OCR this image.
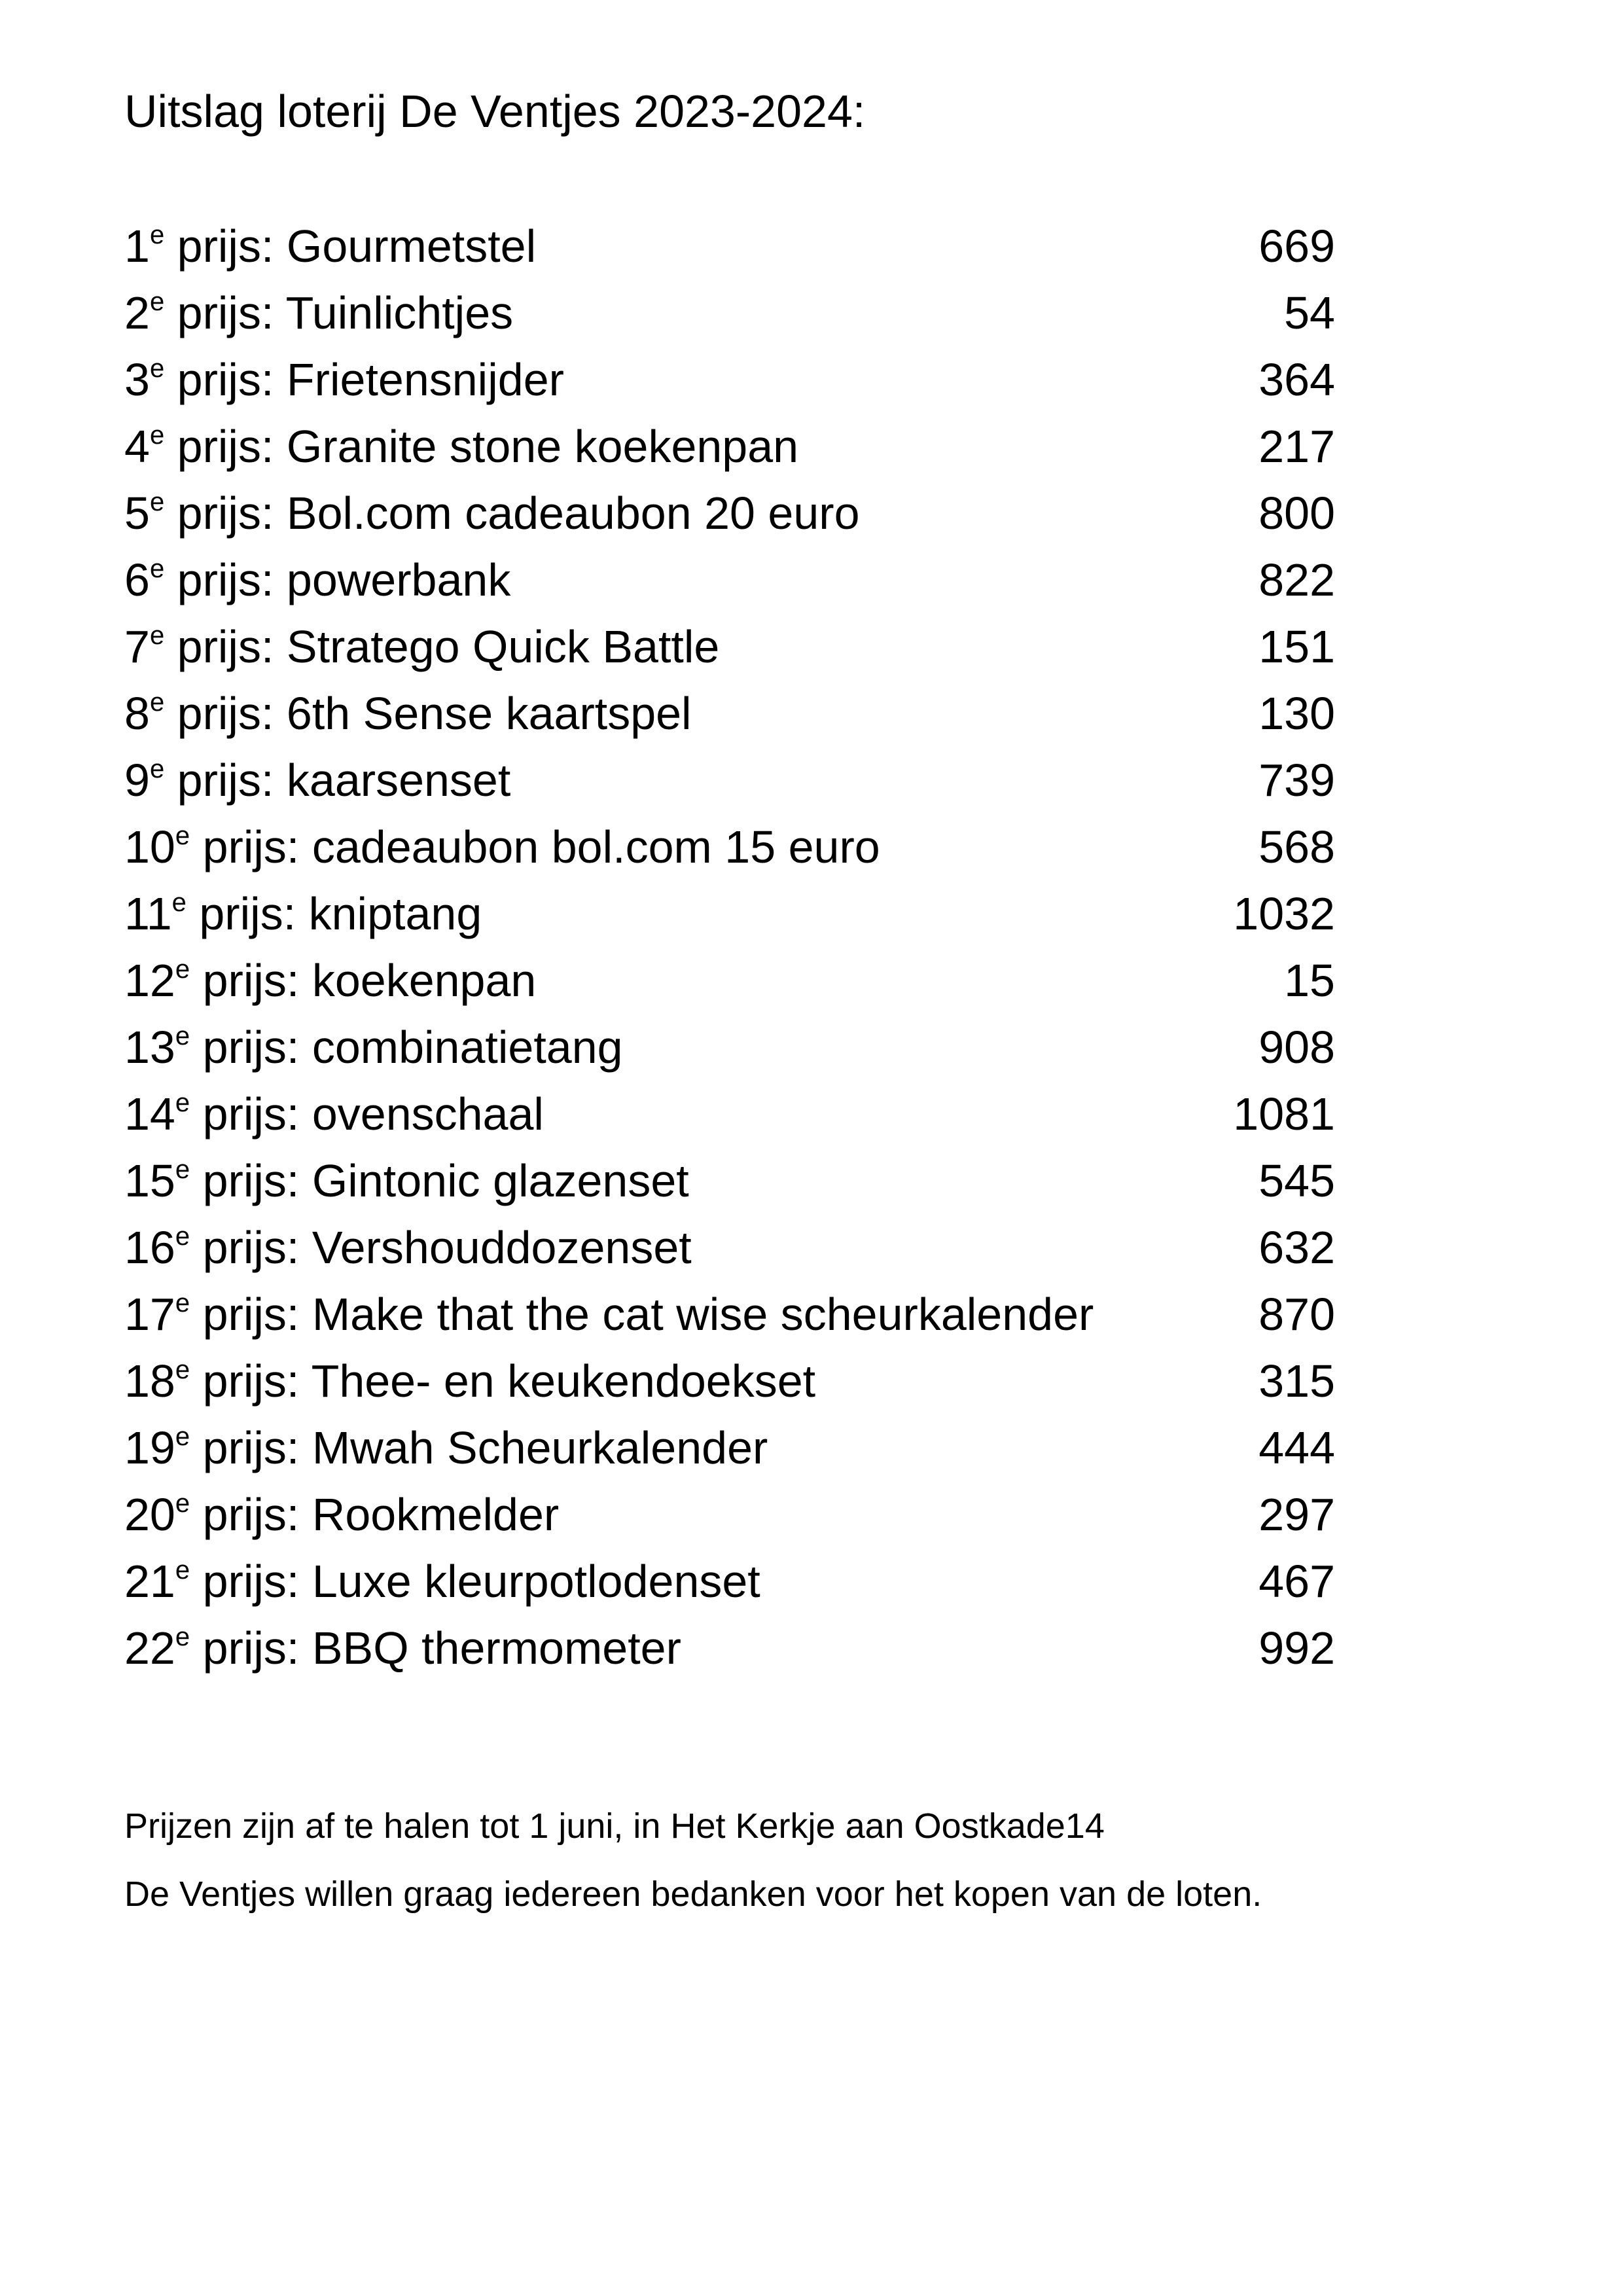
Uitslag loterij De Ventjes 2023-2024:
1e prijs: Gourmetstel	669
2e prijs: Tuinlichtjes	54
3e prijs: Frietensnijder	364
4e prijs: Granite stone koekenpan	217
5e prijs: Bol.com cadeaubon 20 euro	800
6e prijs: powerbank	822
7e prijs: Stratego Quick Battle	151
8e prijs: 6th Sense kaartspel	130
9e prijs: kaarsenset	739
10e prijs: cadeaubon bol.com 15 euro	568
11e prijs: kniptang	1032
12e prijs: koekenpan	15
13e prijs: combinatietang	908
14e prijs: ovenschaal	1081
15e prijs: Gintonic glazenset	545
16e prijs: Vershouddozenset	632
17e prijs: Make that the cat wise scheurkalender	870
18e prijs: Thee- en keukendoekset	315
19e prijs: Mwah Scheurkalender	444
20e prijs: Rookmelder	297
21e prijs: Luxe kleurpotlodenset	467
22e prijs: BBQ thermometer	992

Prijzen zijn af te halen tot 1 juni, in Het Kerkje aan Oostkade14

De Ventjes willen graag iedereen bedanken voor het kopen van de loten.
